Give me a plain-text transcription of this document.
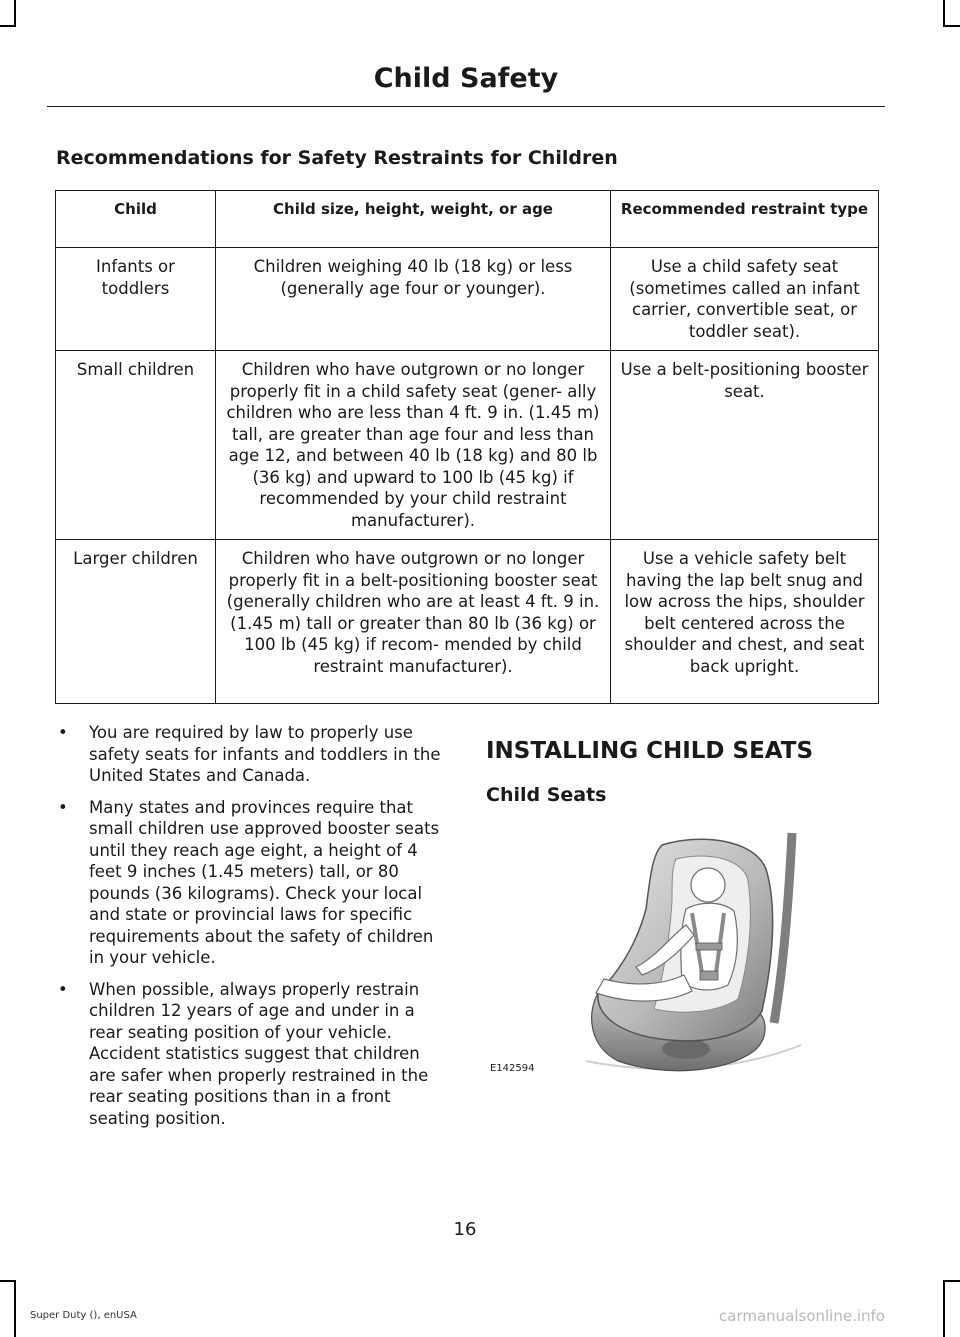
Child Safety
Recommendations for Safety Restraints for Children
Child	Child size, height, weight, or age	Recommended restraint type
Infants or toddlers	Children weighing 40 lb (18 kg) or less (generally age four or younger).	Use a child safety seat (sometimes called an infant carrier, convertible seat, or toddler seat).
Small children	Children who have outgrown or no longer properly fit in a child safety seat (gener- ally children who are less than 4 ft. 9 in. (1.45 m) tall, are greater than age four and less than age 12, and between 40 lb (18 kg) and 80 lb (36 kg) and upward to 100 lb (45 kg) if recommended by your child restraint manufacturer).	Use a belt-positioning booster seat.
Larger children	Children who have outgrown or no longer properly fit in a belt-positioning booster seat (generally children who are at least 4 ft. 9 in. (1.45 m) tall or greater than 80 lb (36 kg) or 100 lb (45 kg) if recom- mended by child restraint manufacturer).	Use a vehicle safety belt having the lap belt snug and low across the hips, shoulder belt centered across the shoulder and chest, and seat back upright.
• You are required by law to properly use safety seats for infants and toddlers in the United States and Canada.
• Many states and provinces require that small children use approved booster seats until they reach age eight, a height of 4 feet 9 inches (1.45 meters) tall, or 80 pounds (36 kilograms). Check your local and state or provincial laws for specific requirements about the safety of children in your vehicle.
• When possible, always properly restrain children 12 years of age and under in a rear seating position of your vehicle. Accident statistics suggest that children are safer when properly restrained in the rear seating positions than in a front seating position.
INSTALLING CHILD SEATS
Child Seats
E142594
16
Super Duty (), enUSA	carmanualsonline.info
